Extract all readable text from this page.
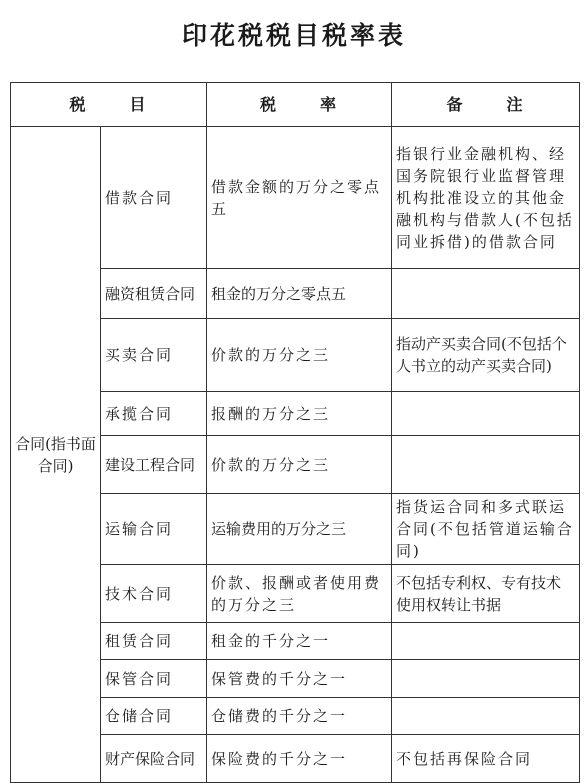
印花税税目税率表
税 目		税 率	备 注
合同(指书面合同)	借款合同	借款金额的万分之零点五	指银行业金融机构、经国务院银行业监督管理机构批准设立的其他金融机构与借款人(不包括同业拆借)的借款合同
	融资租赁合同	租金的万分之零点五	
	买卖合同	价款的万分之三	指动产买卖合同(不包括个人书立的动产买卖合同)
	承揽合同	报酬的万分之三	
	建设工程合同	价款的万分之三	
	运输合同	运输费用的万分之三	指货运合同和多式联运合同(不包括管道运输合同)
	技术合同	价款、报酬或者使用费的万分之三	不包括专利权、专有技术使用权转让书据
	租赁合同	租金的千分之一	
	保管合同	保管费的千分之一	
	仓储合同	仓储费的千分之一	
	财产保险合同	保险费的千分之一	不包括再保险合同
